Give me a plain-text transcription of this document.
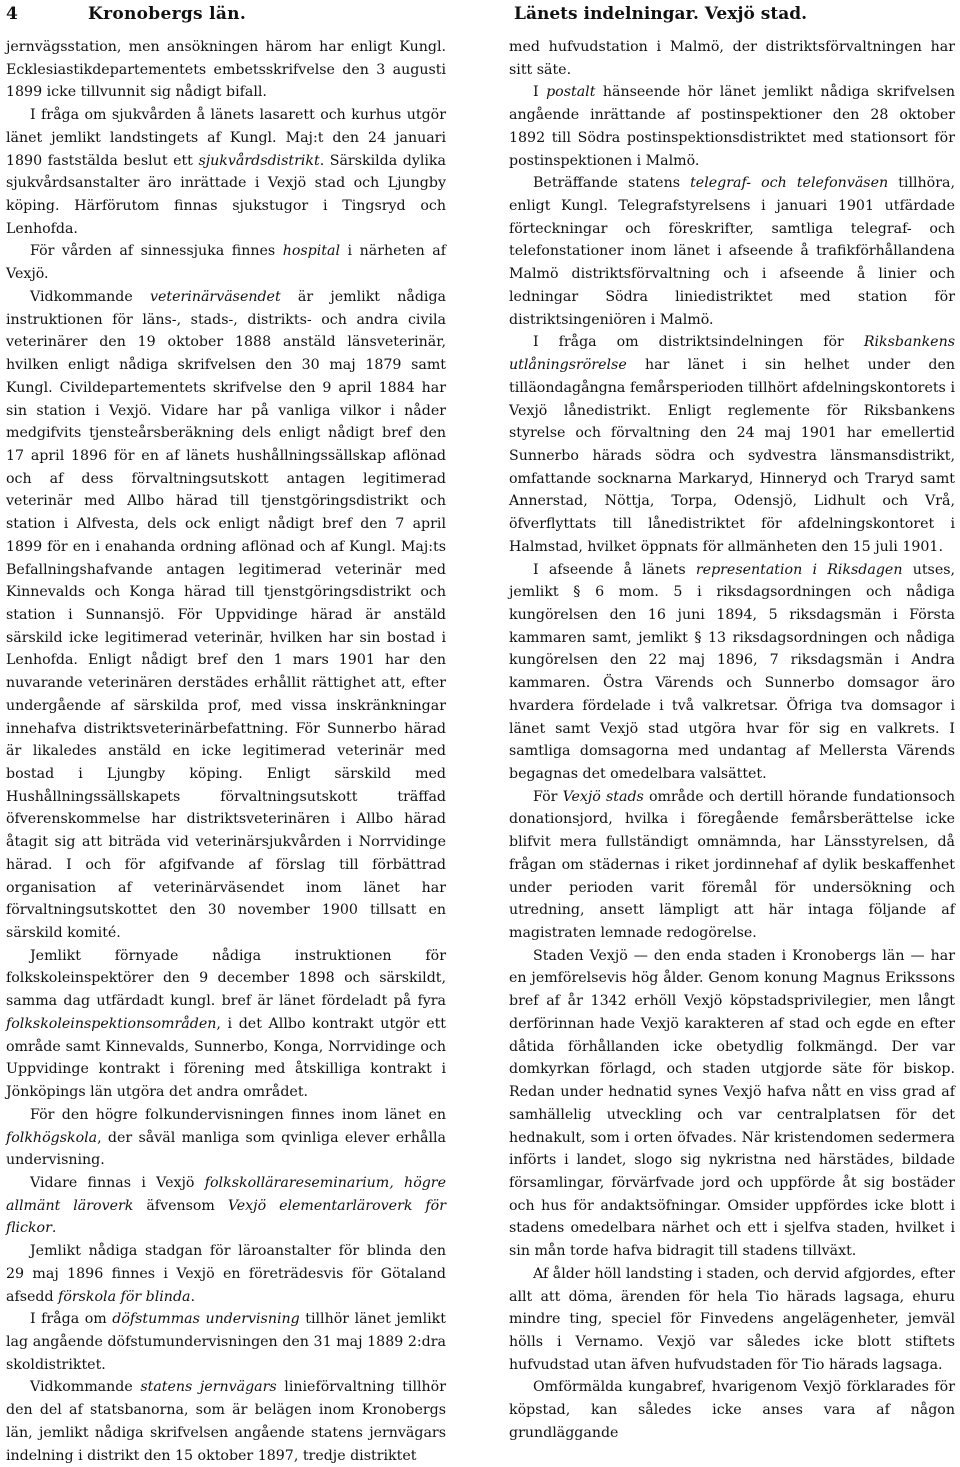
4	Kronobergs län.	Länets indelningar. Vexjö stad.

jernvägsstation, men ansökningen härom har enligt Kungl. Ecklesiastikdepartementets embetsskrifvelse den 3 augusti 1899 icke tillvunnit sig nådigt bifall.

I fråga om sjukvården å länets lasarett och kurhus utgör länet jemlikt landstingets af Kungl. Maj:t den 24 januari 1890 faststälda beslut ett sjukvårdsdistrikt. Särskilda dylika sjukvårdsanstalter äro inrättade i Vexjö stad och Ljungby köping. Härförutom finnas sjukstugor i Tingsryd och Lenhofda.

För vården af sinnessjuka finnes hospital i närheten af Vexjö.

Vidkommande veterinärväsendet är jemlikt nådiga instruktionen för läns-, stads-, distrikts- och andra civila veterinärer den 19 oktober 1888 anstäld länsveterinär, hvilken enligt nådiga skrifvelsen den 30 maj 1879 samt Kungl. Civildepartementets skrifvelse den 9 april 1884 har sin station i Vexjö. Vidare har på vanliga vilkor i nåder medgifvits tjensteårsberäkning dels enligt nådigt bref den 17 april 1896 för en af länets hushållningssällskap aflönad och af dess förvaltningsutskott antagen legitimerad veterinär med Allbo härad till tjenstgöringsdistrikt och station i Alfvesta, dels ock enligt nådigt bref den 7 april 1899 för en i enahanda ordning aflönad och af Kungl. Maj:ts Befallningshafvande antagen legitimerad veterinär med Kinnevalds och Konga härad till tjenstgöringsdistrikt och station i Sunnansjö. För Uppvidinge härad är anstäld särskild icke legitimerad veterinär, hvilken har sin bostad i Lenhofda. Enligt nådigt bref den 1 mars 1901 har den nuvarande veterinären derstädes erhållit rättighet att, efter undergående af särskilda prof, med vissa inskränkningar innehafva distriktsveterinärbefattning. För Sunnerbo härad är likaledes anstäld en icke legitimerad veterinär med bostad i Ljungby köping. Enligt särskild med Hushållningssällskapets förvaltningsutskott träffad öfverenskommelse har distriktsveterinären i Allbo härad åtagit sig att biträda vid veterinärsjukvården i Norrvidinge härad. I och för afgifvande af förslag till förbättrad organisation af veterinärväsendet inom länet har förvaltningsutskottet den 30 november 1900 tillsatt en särskild komité.

Jemlikt förnyade nådiga instruktionen för folkskoleinspektörer den 9 december 1898 och särskildt, samma dag utfärdadt kungl. bref är länet fördeladt på fyra folkskoleinspektionsområden, i det Allbo kontrakt utgör ett område samt Kinnevalds, Sunnerbo, Konga, Norrvidinge och Uppvidinge kontrakt i förening med åtskilliga kontrakt i Jönköpings län utgöra det andra området.

För den högre folkundervisningen finnes inom länet en folkhögskola, der såväl manliga som qvinliga elever erhålla undervisning.

Vidare finnas i Vexjö folkskollärareseminarium, högre allmänt läroverk äfvensom Vexjö elementarläroverk för flickor.

Jemlikt nådiga stadgan för läroanstalter för blinda den 29 maj 1896 finnes i Vexjö en företrädesvis för Götaland afsedd förskola för blinda.

I fråga om döfstummas undervisning tillhör länet jemlikt lag angående döfstumundervisningen den 31 maj 1889 2:dra skoldistriktet.

Vidkommande statens jernvägars linieförvaltning tillhör den del af statsbanorna, som är belägen inom Kronobergs län, jemlikt nådiga skrifvelsen angående statens jernvägars indelning i distrikt den 15 oktober 1897, tredje distriktet

med hufvudstation i Malmö, der distriktsförvaltningen har sitt säte.

I postalt hänseende hör länet jemlikt nådiga skrifvelsen angående inrättande af postinspektioner den 28 oktober 1892 till Södra postinspektionsdistriktet med stationsort för postinspektionen i Malmö.

Beträffande statens telegraf- och telefonväsen tillhöra, enligt Kungl. Telegrafstyrelsens i januari 1901 utfärdade förteckningar och föreskrifter, samtliga telegraf- och telefonstationer inom länet i afseende å trafikförhållandena Malmö distriktsförvaltning och i afseende å linier och ledningar Södra liniedistriktet med station för distriktsingeniören i Malmö.

I fråga om distriktsindelningen för Riksbankens utlåningsrörelse har länet i sin helhet under den tilläondagångna femårsperioden tillhört afdelningskontorets i Vexjö lånedistrikt. Enligt reglemente för Riksbankens styrelse och förvaltning den 24 maj 1901 har emellertid Sunnerbo härads södra och sydvestra länsmansdistrikt, omfattande socknarna Markaryd, Hinneryd och Traryd samt Annerstad, Nöttja, Torpa, Odensjö, Lidhult och Vrå, öfverflyttats till lånedistriktet för afdelningskontoret i Halmstad, hvilket öppnats för allmänheten den 15 juli 1901.

I afseende å länets representation i Riksdagen utses, jemlikt § 6 mom. 5 i riksdagsordningen och nådiga kungörelsen den 16 juni 1894, 5 riksdagsmän i Första kammaren samt, jemlikt § 13 riksdagsordningen och nådiga kungörelsen den 22 maj 1896, 7 riksdagsmän i Andra kammaren. Östra Värends och Sunnerbo domsagor äro hvardera fördelade i två valkretsar. Öfriga tva domsagor i länet samt Vexjö stad utgöra hvar för sig en valkrets. I samtliga domsagorna med undantag af Mellersta Värends begagnas det omedelbara valsättet.

För Vexjö stads område och dertill hörande fundationsoch donationsjord, hvilka i föregående femårsberättelse icke blifvit mera fullständigt omnämnda, har Länsstyrelsen, då frågan om städernas i riket jordinnehaf af dylik beskaffenhet under perioden varit föremål för undersökning och utredning, ansett lämpligt att här intaga följande af magistraten lemnade redogörelse.

Staden Vexjö — den enda staden i Kronobergs län — har en jemförelsevis hög ålder. Genom konung Magnus Erikssons bref af år 1342 erhöll Vexjö köpstadsprivilegier, men långt derförinnan hade Vexjö karakteren af stad och egde en efter dåtida förhållanden icke obetydlig folkmängd. Der var domkyrkan förlagd, och staden utgjorde säte för biskop. Redan under hednatid synes Vexjö hafva nått en viss grad af samhällelig utveckling och var centralplatsen för det hednakult, som i orten öfvades. När kristendomen sedermera införts i landet, slogo sig nykristna ned härstädes, bildade församlingar, förvärfvade jord och uppförde åt sig bostäder och hus för andaktsöfningar. Omsider uppfördes icke blott i stadens omedelbara närhet och ett i sjelfva staden, hvilket i sin mån torde hafva bidragit till stadens tillväxt.

Af ålder höll landsting i staden, och dervid afgjordes, efter allt att döma, ärenden för hela Tio härads lagsaga, ehuru mindre ting, speciel för Finvedens angelägenheter, jemväl hölls i Vernamo. Vexjö var således icke blott stiftets hufvudstad utan äfven hufvudstaden för Tio härads lagsaga.

Omförmälda kungabref, hvarigenom Vexjö förklarades för köpstad, kan således icke anses vara af någon grundläggande
